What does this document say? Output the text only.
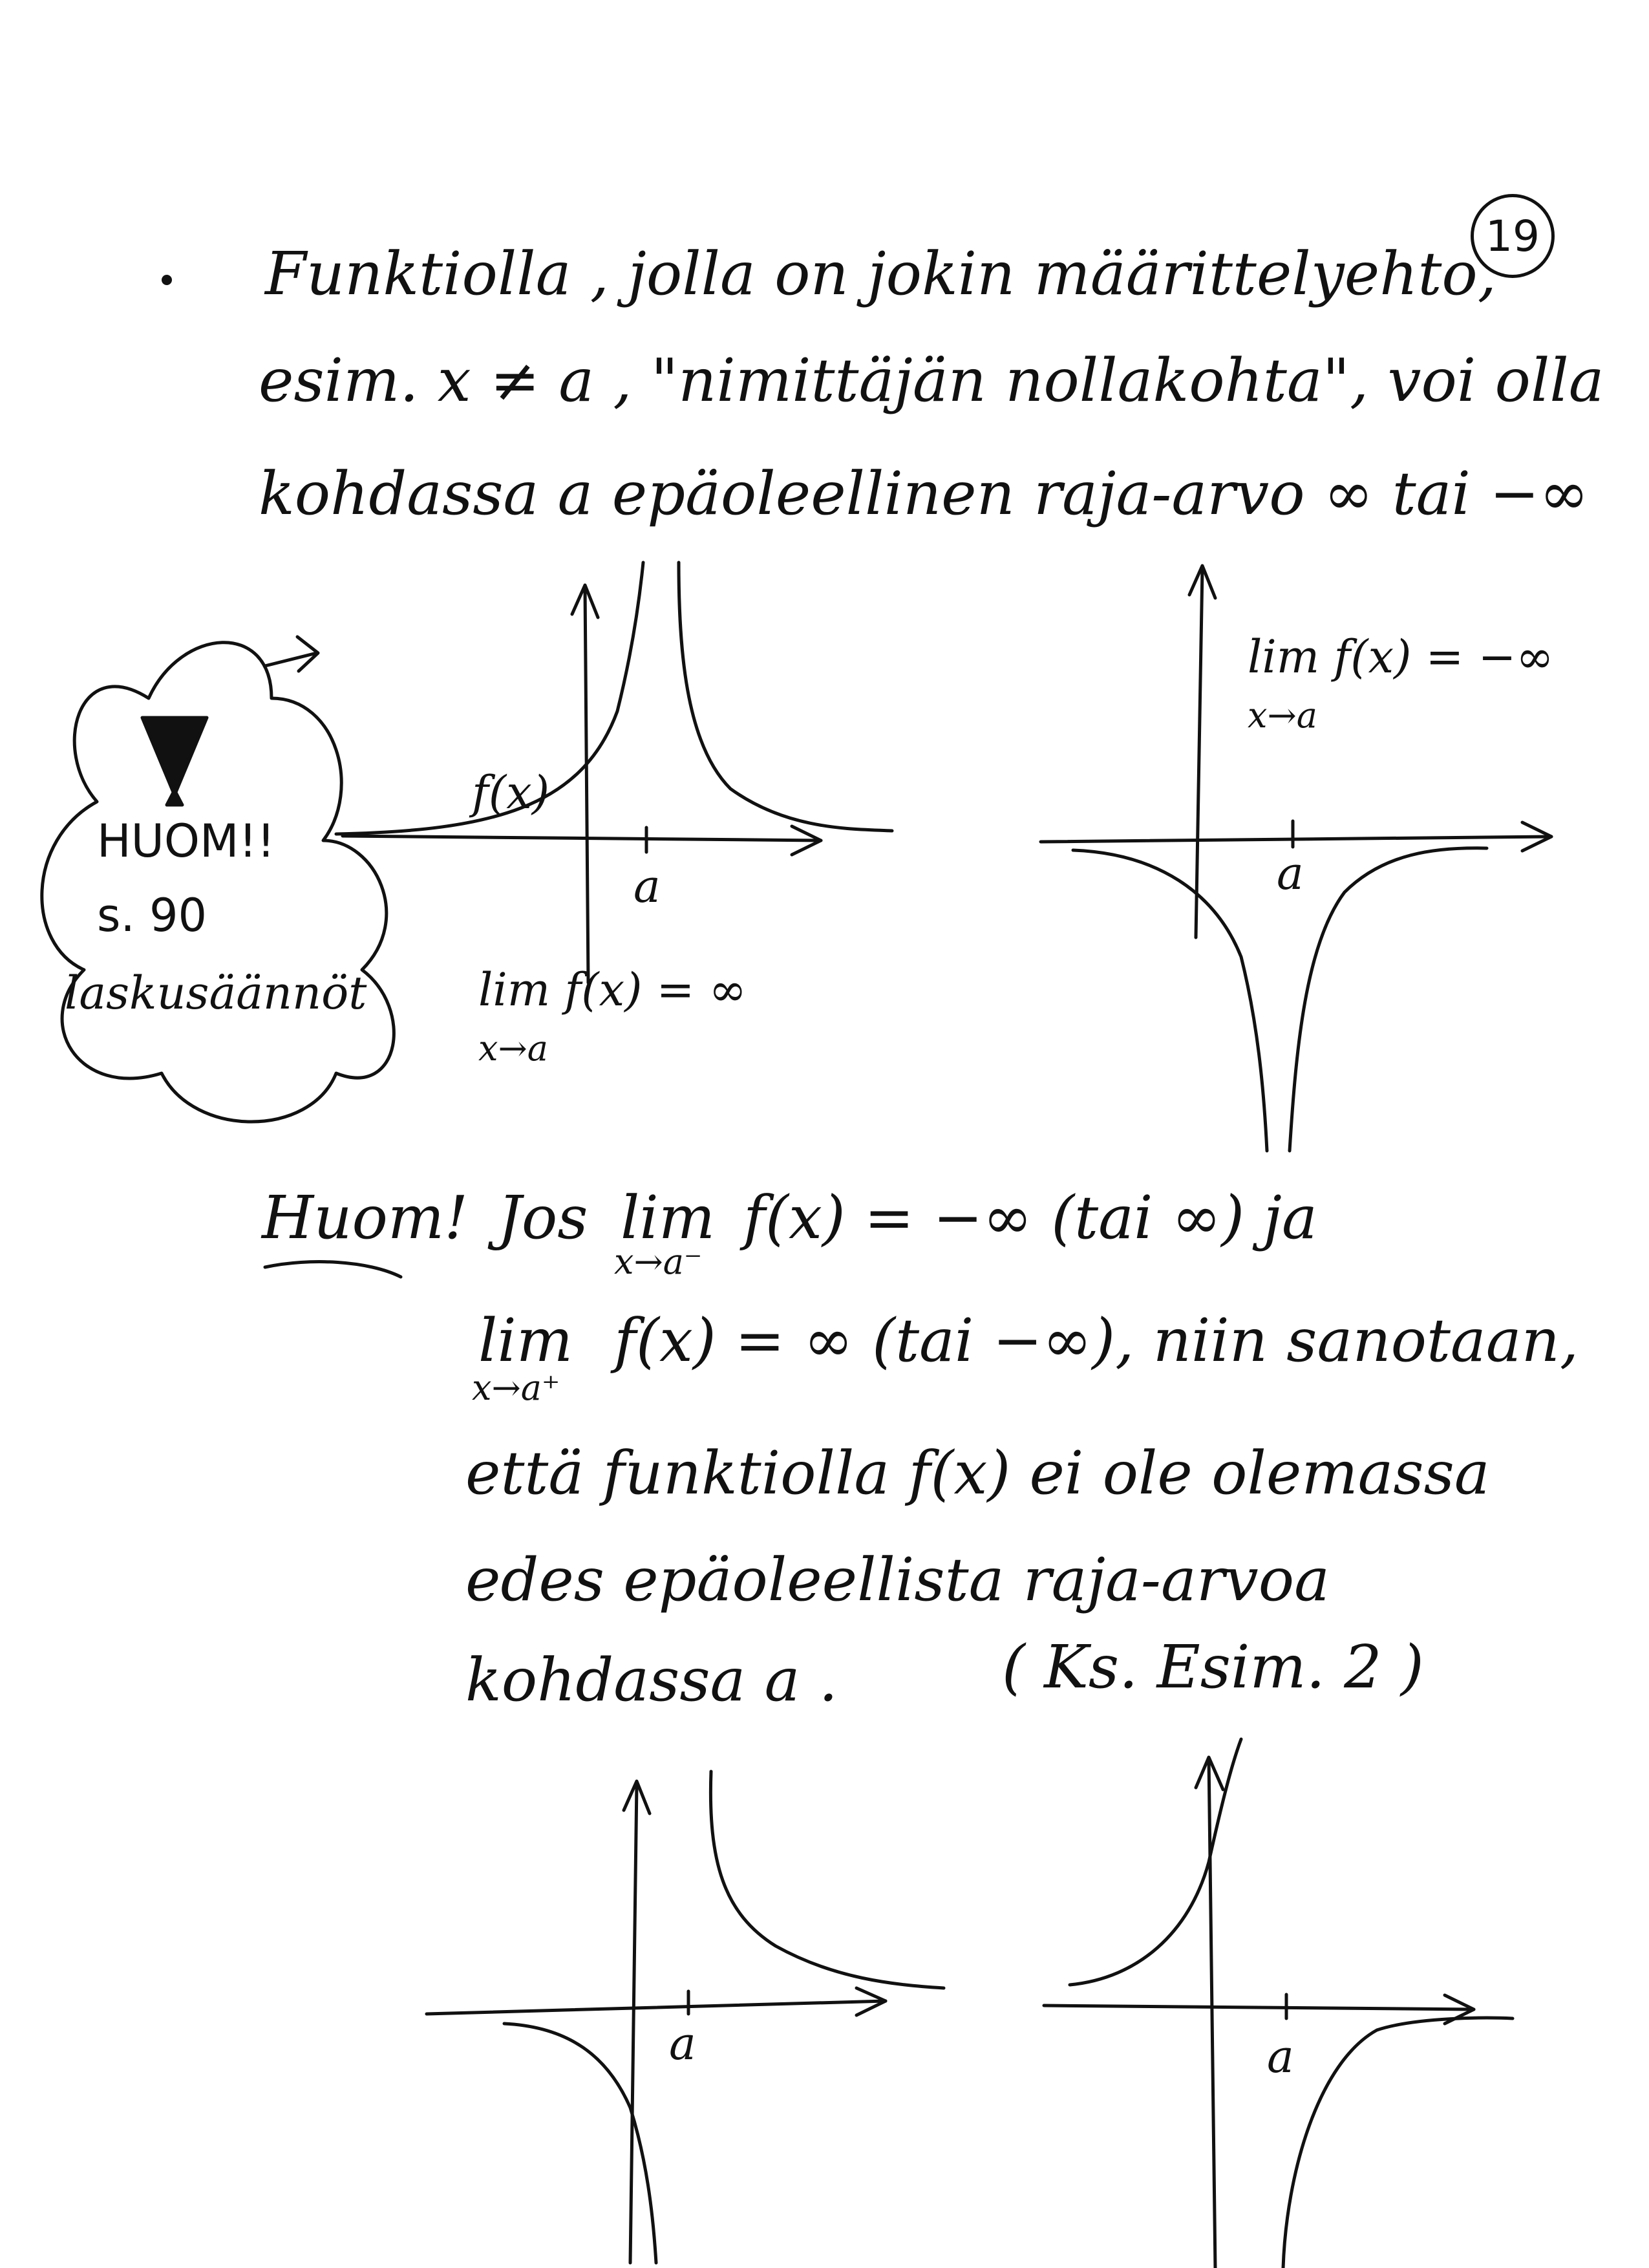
19
Funktiolla , jolla on jokin määrittelyehto,
esim. x ≠ a , "nimittäjän nollakohta", voi olla
kohdassa a epäoleellinen raja-arvo ∞ tai −∞
HUOM!!
s. 90
laskusäännöt
f(x)
a
lim f(x) = ∞
x→a
lim f(x) = −∞
x→a
a
Huom! Jos lim f(x) = −∞ (tai ∞) ja
x→a⁻
lim f(x) = ∞ (tai −∞), niin sanotaan,
x→a⁺
että funktiolla f(x) ei ole olemassa
edes epäoleellista raja-arvoa
kohdassa a .	( Ks. Esim. 2 )
a	a
